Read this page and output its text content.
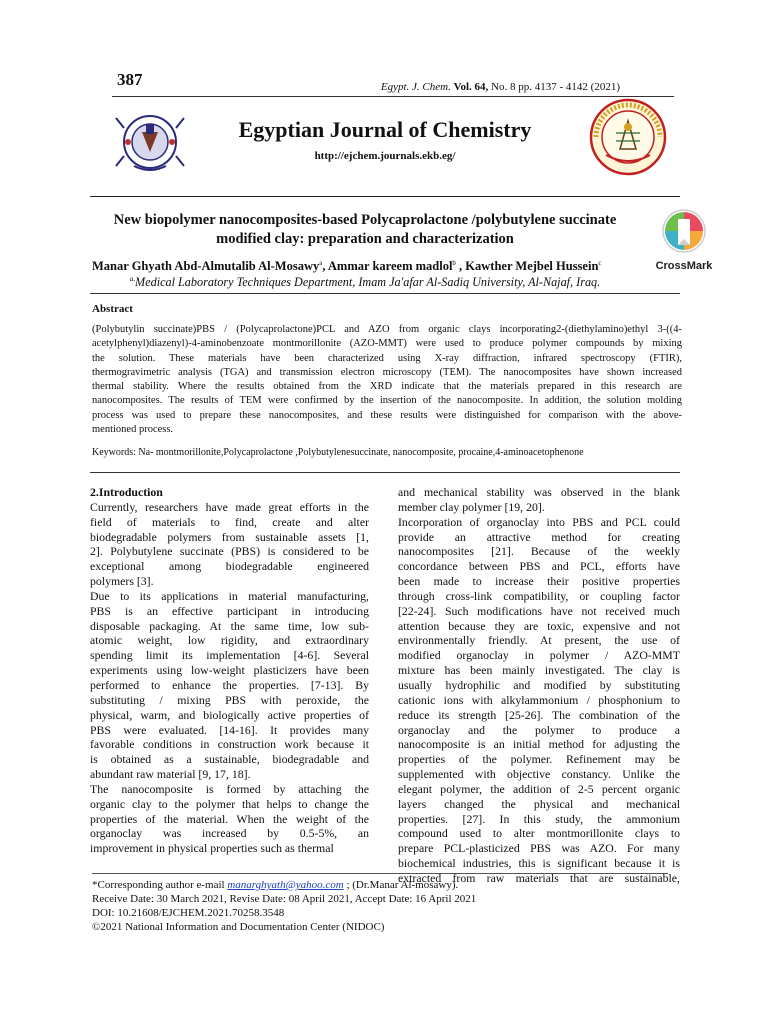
387	Egypt. J. Chem. Vol. 64, No. 8 pp. 4137 - 4142 (2021)
Egyptian Journal of Chemistry
http://ejchem.journals.ekb.eg/
New biopolymer nanocomposites-based Polycaprolactone /polybutylene succinate
modified clay: preparation and characterization
CrossMark
Manar Ghyath Abd-Almutalib Al-Mosawy$^a$, Ammar kareem madlol$^b$ , Kawther Mejbel Hussein$^c$
$^{a,}$Medical Laboratory Techniques Department, Imam Ja'afar Al-Sadiq University, Al-Najaf, Iraq.
Abstract
(Polybutylin succinate)PBS / (Polycaprolactone)PCL and AZO from organic clays incorporating2-(diethylamino)ethyl 3-((4-
acetylphenyl)diazenyl)-4-aminobenzoate montmorillonite (AZO-MMT) were used to produce polymer compounds by mixing
the solution. These materials have been characterized using X-ray diffraction, infrared spectroscopy (FTIR),
thermogravimetric analysis (TGA) and transmission electron microscopy (TEM). The nanocomposites have shown increased
thermal stability. Where the results obtained from the XRD indicate that the materials prepared in this research are
nanocomposites. The results of TEM were confirmed by the insertion of the nanocomposite. In addition, the solution molding
process was used to prepare these nanocomposites, and these results were distinguished for comparison with the above-
mentioned process.
Keywords: Na- montmorillonite,Polycaprolactone ,Polybutylenesuccinate, nanocomposite, procaine,4-aminoacetophenone

2.Introduction

Currently, researchers have made great efforts in the

field of materials to find, create and alter

biodegradable polymers from sustainable assets [1,

2]. Polybutylene succinate (PBS) is considered to be

exceptional among biodegradable engineered

polymers [3].

Due to its applications in material manufacturing,

PBS is an effective participant in introducing

disposable packaging. At the same time, low sub-

atomic weight, low rigidity, and extraordinary

spending limit its implementation [4-6]. Several

experiments using low-weight plasticizers have been

performed to enhance the properties. [7-13]. By

substituting / mixing PBS with peroxide, the

physical, warm, and biologically active properties of

PBS were evaluated. [14-16]. It provides many

favorable conditions in construction work because it

is obtained as a sustainable, biodegradable and

abundant raw material [9, 17, 18].

The nanocomposite is formed by attaching the

organic clay to the polymer that helps to change the

properties of the material. When the weight of the

organoclay was increased by 0.5-5%, an

improvement in physical properties such as thermal

and mechanical stability was observed in the blank

member clay polymer [19, 20].

Incorporation of organoclay into PBS and PCL could

provide an attractive method for creating

nanocomposites [21]. Because of the weekly

concordance between PBS and PCL, efforts have

been made to increase their positive properties

through cross-link compatibility, or coupling factor

[22-24]. Such modifications have not received much

attention because they are toxic, expensive and not

environmentally friendly. At present, the use of

modified organoclay in polymer / AZO-MMT

mixture has been mainly investigated. The clay is

usually hydrophilic and modified by substituting

cationic ions with alkylammonium / phosphonium to

reduce its strength [25-26]. The combination of the

organoclay and the polymer to produce a

nanocomposite is an initial method for adjusting the

properties of the polymer. Refinement may be

supplemented with objective constancy. Unlike the

elegant polymer, the addition of 2-5 percent organic

layers changed the physical and mechanical

properties. [27]. In this study, the ammonium

compound used to alter montmorillonite clays to

prepare PCL-plasticized PBS was AZO. For many

biochemical industries, this is significant because it is

extracted from raw materials that are sustainable,

*Corresponding author e-mail manarghyath@yahoo.com ; (Dr.Manar Al-mosawy).
Receive Date: 30 March 2021, Revise Date: 08 April 2021, Accept Date: 16 April 2021
DOI: 10.21608/EJCHEM.2021.70258.3548
©2021 National Information and Documentation Center (NIDOC)
